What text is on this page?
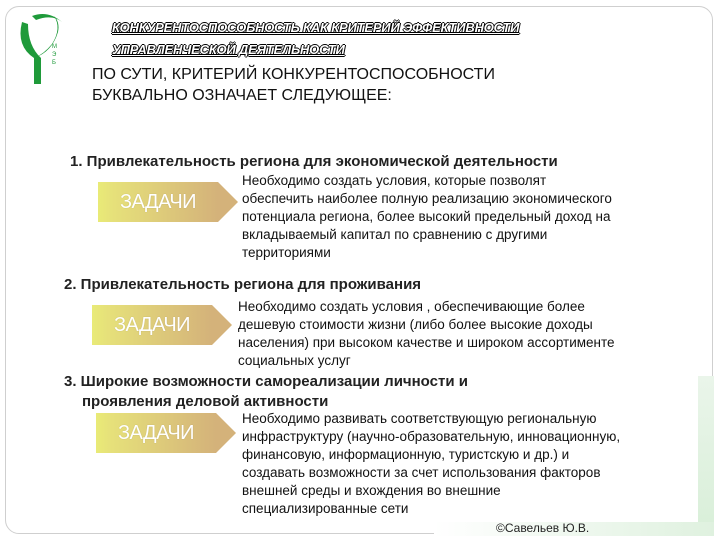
М
Э
Б
КОНКУРЕНТОСПОСОБНОСТЬ КАК КРИТЕРИЙ ЭФФЕКТИВНОСТИ
УПРАВЛЕНЧЕСКОЙ ДЕЯТЕЛЬНОСТИ
ПО СУТИ, КРИТЕРИЙ КОНКУРЕНТОСПОСОБНОСТИ
БУКВАЛЬНО ОЗНАЧАЕТ СЛЕДУЮЩЕЕ:
1. Привлекательность региона для экономической деятельности
ЗАДАЧИ
Необходимо создать условия, которые позволят
обеспечить наиболее полную реализацию экономического
потенциала региона, более высокий предельный доход на
вкладываемый капитал по сравнению с другими
территориями
2. Привлекательность региона для проживания
ЗАДАЧИ
Необходимо создать условия , обеспечивающие более
дешевую стоимости жизни (либо более высокие доходы
населения) при высоком качестве и широком ассортименте
социальных услуг
3. Широкие возможности самореализации личности и
проявления деловой активности
ЗАДАЧИ
Необходимо развивать соответствующую региональную
инфраструктуру (научно-образовательную, инновационную,
финансовую, информационную, туристскую и др.) и
создавать возможности за счет использования факторов
внешней среды и вхождения во внешние
специализированные сети
©Савельев Ю.В.
